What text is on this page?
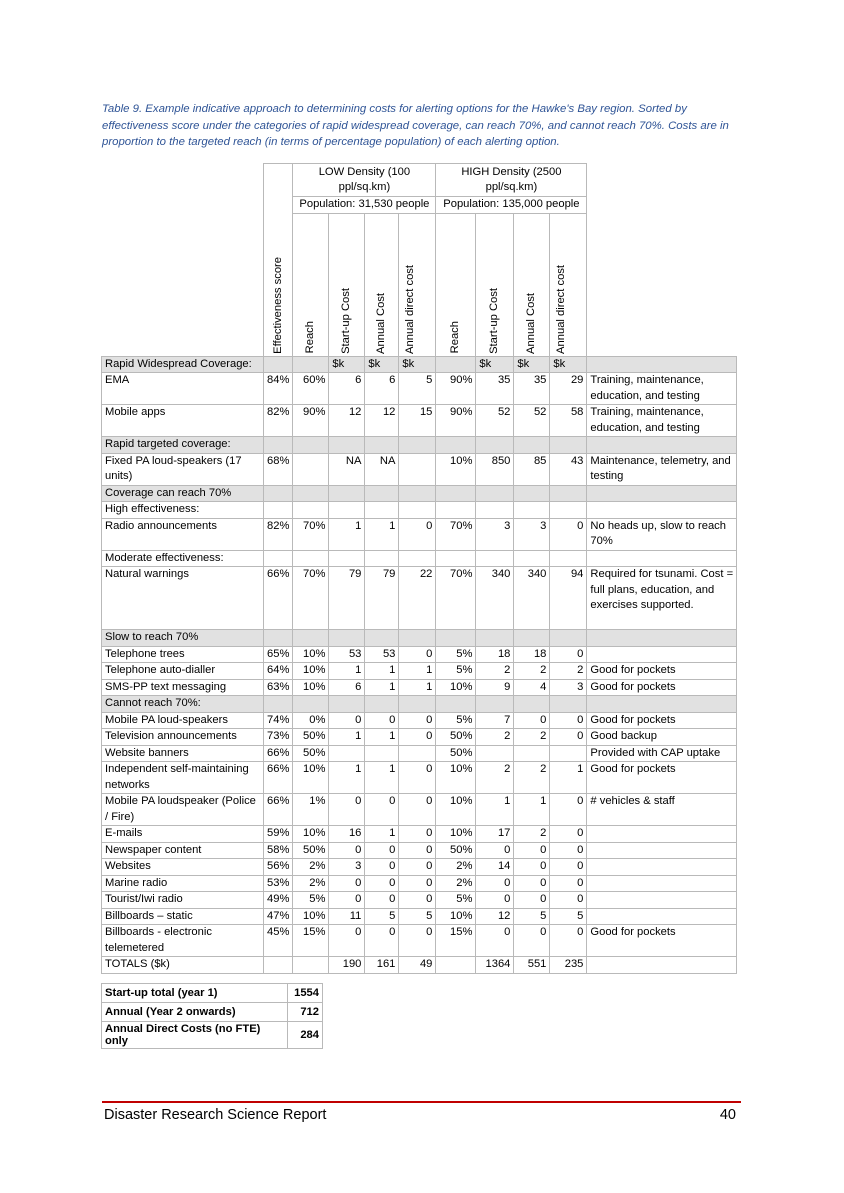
Table 9. Example indicative approach to determining costs for alerting options for the Hawke's Bay region. Sorted by effectiveness score under the categories of rapid widespread coverage, can reach 70%, and cannot reach 70%. Costs are in proportion to the targeted reach (in terms of percentage population) of each alerting option.

	Effectiveness score	LOW Density (100 ppl/sq.km)				HIGH Density (2500 ppl/sq.km)				
		Population: 31,530 people				Population: 135,000 people				

		Reach	Start-up Cost	Annual Cost	Annual direct cost	Reach	Start-up Cost	Annual Cost	Annual direct cost	

Rapid Widespread Coverage:			$k	$k	$k		$k	$k	$k	
EMA	84%	60%	6	6	5	90%	35	35	29	Training, maintenance, education, and testing
Mobile apps	82%	90%	12	12	15	90%	52	52	58	Training, maintenance, education, and testing
Rapid targeted coverage:										
Fixed PA loud-speakers (17 units)	68%		NA	NA		10%	850	85	43	Maintenance, telemetry, and testing
Coverage can reach 70%										
High effectiveness:										
Radio announcements	82%	70%	1	1	0	70%	3	3	0	No heads up, slow to reach 70%
Moderate effectiveness:										
Natural warnings	66%	70%	79	79	22	70%	340	340	94	Required for tsunami. Cost = full plans, education, and exercises supported.
Slow to reach 70%										
Telephone trees	65%	10%	53	53	0	5%	18	18	0	
Telephone auto-dialler	64%	10%	1	1	1	5%	2	2	2	Good for pockets
SMS-PP text messaging	63%	10%	6	1	1	10%	9	4	3	Good for pockets
Cannot reach 70%:										
Mobile PA loud-speakers	74%	0%	0	0	0	5%	7	0	0	Good for pockets
Television announcements	73%	50%	1	1	0	50%	2	2	0	Good backup
Website banners	66%	50%				50%				Provided with CAP uptake
Independent self-maintaining networks	66%	10%	1	1	0	10%	2	2	1	Good for pockets
Mobile PA loudspeaker (Police / Fire)	66%	1%	0	0	0	10%	1	1	0	# vehicles & staff
E-mails	59%	10%	16	1	0	10%	17	2	0	
Newspaper content	58%	50%	0	0	0	50%	0	0	0	
Websites	56%	2%	3	0	0	2%	14	0	0	
Marine radio	53%	2%	0	0	0	2%	0	0	0	
Tourist/Iwi radio	49%	5%	0	0	0	5%	0	0	0	
Billboards – static	47%	10%	11	5	5	10%	12	5	5	
Billboards - electronic telemetered	45%	15%	0	0	0	15%	0	0	0	Good for pockets
TOTALS ($k)			190	161	49		1364	551	235	
Start-up total (year 1)	1554
Annual (Year 2 onwards)	712
Annual Direct Costs (no FTE) only	284
Disaster Research Science Report	40
